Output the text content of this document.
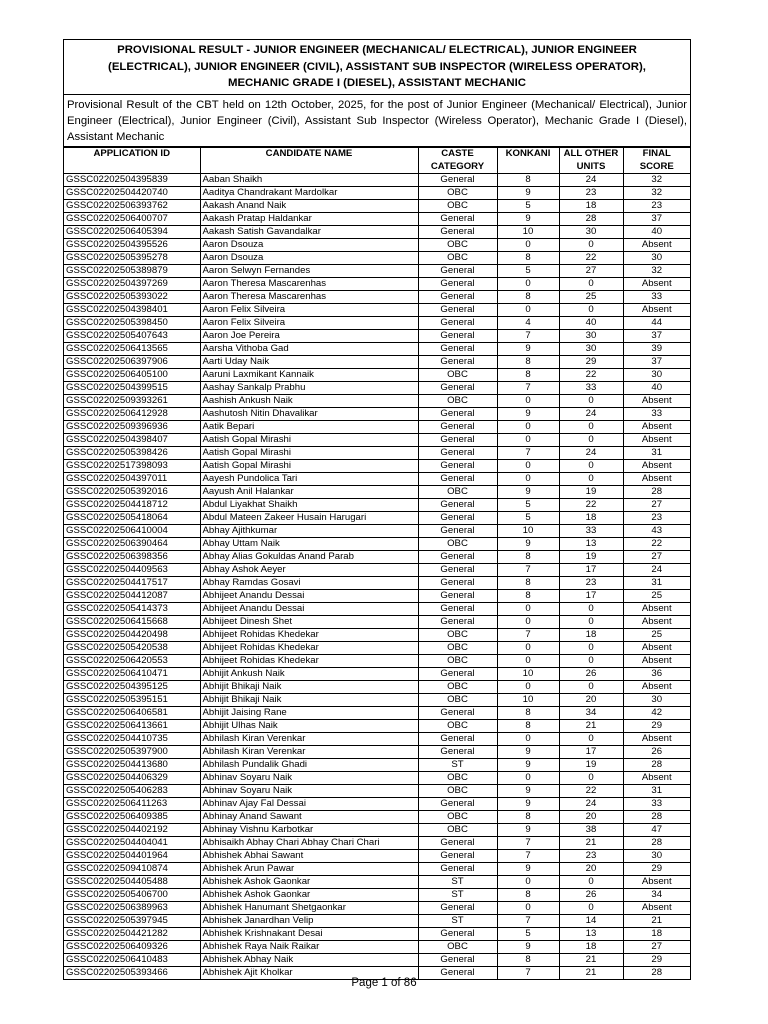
PROVISIONAL RESULT - JUNIOR ENGINEER (MECHANICAL/ ELECTRICAL), JUNIOR ENGINEER
(ELECTRICAL), JUNIOR ENGINEER (CIVIL), ASSISTANT SUB INSPECTOR (WIRELESS OPERATOR),
MECHANIC GRADE I (DIESEL), ASSISTANT MECHANIC
Provisional Result of the CBT held on 12th October, 2025, for the post of Junior Engineer (Mechanical/ Electrical), Junior Engineer (Electrical), Junior Engineer (Civil), Assistant Sub Inspector (Wireless Operator), Mechanic Grade I (Diesel), Assistant Mechanic
APPLICATION ID	CANDIDATE NAME	CASTE CATEGORY	KONKANI	ALL OTHER UNITS	FINAL SCORE
GSSC02202504395839	Aaban Shaikh	General	8	24	32
GSSC02202504420740	Aaditya Chandrakant Mardolkar	OBC	9	23	32
GSSC02202506393762	Aakash Anand Naik	OBC	5	18	23
GSSC02202506400707	Aakash Pratap Haldankar	General	9	28	37
GSSC02202506405394	Aakash Satish Gavandalkar	General	10	30	40
GSSC02202504395526	Aaron Dsouza	OBC	0	0	Absent
GSSC02202505395278	Aaron Dsouza	OBC	8	22	30
GSSC02202505389879	Aaron Selwyn Fernandes	General	5	27	32
GSSC02202504397269	Aaron Theresa Mascarenhas	General	0	0	Absent
GSSC02202505393022	Aaron Theresa Mascarenhas	General	8	25	33
GSSC02202504398401	Aaron Felix Silveira	General	0	0	Absent
GSSC02202505398450	Aaron Felix Silveira	General	4	40	44
GSSC02202505407643	Aaron Joe Pereira	General	7	30	37
GSSC02202506413565	Aarsha Vithoba Gad	General	9	30	39
GSSC02202506397906	Aarti Uday Naik	General	8	29	37
GSSC02202506405100	Aaruni Laxmikant Kannaik	OBC	8	22	30
GSSC02202504399515	Aashay Sankalp Prabhu	General	7	33	40
GSSC02202509393261	Aashish Ankush Naik	OBC	0	0	Absent
GSSC02202506412928	Aashutosh Nitin Dhavalikar	General	9	24	33
GSSC02202509396936	Aatik Bepari	General	0	0	Absent
GSSC02202504398407	Aatish Gopal Mirashi	General	0	0	Absent
GSSC02202505398426	Aatish Gopal Mirashi	General	7	24	31
GSSC02202517398093	Aatish Gopal Mirashi	General	0	0	Absent
GSSC02202504397011	Aayesh Pundolica Tari	General	0	0	Absent
GSSC02202505392016	Aayush Anil Halankar	OBC	9	19	28
GSSC02202504418712	Abdul Liyakhat Shaikh	General	5	22	27
GSSC02202505418064	Abdul Mateen Zakeer Husain Harugari	General	5	18	23
GSSC02202506410004	Abhay Ajithkumar	General	10	33	43
GSSC02202506390464	Abhay Uttam Naik	OBC	9	13	22
GSSC02202506398356	Abhay Alias Gokuldas Anand Parab	General	8	19	27
GSSC02202504409563	Abhay Ashok Aeyer	General	7	17	24
GSSC02202504417517	Abhay Ramdas Gosavi	General	8	23	31
GSSC02202504412087	Abhijeet Anandu Dessai	General	8	17	25
GSSC02202505414373	Abhijeet Anandu Dessai	General	0	0	Absent
GSSC02202506415668	Abhijeet Dinesh Shet	General	0	0	Absent
GSSC02202504420498	Abhijeet Rohidas Khedekar	OBC	7	18	25
GSSC02202505420538	Abhijeet Rohidas Khedekar	OBC	0	0	Absent
GSSC02202506420553	Abhijeet Rohidas Khedekar	OBC	0	0	Absent
GSSC02202506410471	Abhijit Ankush Naik	General	10	26	36
GSSC02202504395125	Abhijit Bhikaji Naik	OBC	0	0	Absent
GSSC02202505395151	Abhijit Bhikaji Naik	OBC	10	20	30
GSSC02202506406581	Abhijit Jaising Rane	General	8	34	42
GSSC02202506413661	Abhijit Ulhas Naik	OBC	8	21	29
GSSC02202504410735	Abhilash Kiran Verenkar	General	0	0	Absent
GSSC02202505397900	Abhilash Kiran Verenkar	General	9	17	26
GSSC02202504413680	Abhilash Pundalik Ghadi	ST	9	19	28
GSSC02202504406329	Abhinav Soyaru Naik	OBC	0	0	Absent
GSSC02202505406283	Abhinav Soyaru Naik	OBC	9	22	31
GSSC02202506411263	Abhinav Ajay Fal Dessai	General	9	24	33
GSSC02202506409385	Abhinay Anand Sawant	OBC	8	20	28
GSSC02202504402192	Abhinay Vishnu Karbotkar	OBC	9	38	47
GSSC02202504404041	Abhisaikh Abhay Chari Abhay Chari Chari	General	7	21	28
GSSC02202504401964	Abhishek Abhai Sawant	General	7	23	30
GSSC02202509410874	Abhishek Arun Pawar	General	9	20	29
GSSC02202504405488	Abhishek Ashok Gaonkar	ST	0	0	Absent
GSSC02202505406700	Abhishek Ashok Gaonkar	ST	8	26	34
GSSC02202506389963	Abhishek Hanumant Shetgaonkar	General	0	0	Absent
GSSC02202505397945	Abhishek Janardhan Velip	ST	7	14	21
GSSC02202504421282	Abhishek Krishnakant Desai	General	5	13	18
GSSC02202506409326	Abhishek Raya Naik Raikar	OBC	9	18	27
GSSC02202506410483	Abhishek Abhay Naik	General	8	21	29
GSSC02202505393466	Abhishek Ajit Kholkar	General	7	21	28
Page 1 of 86
